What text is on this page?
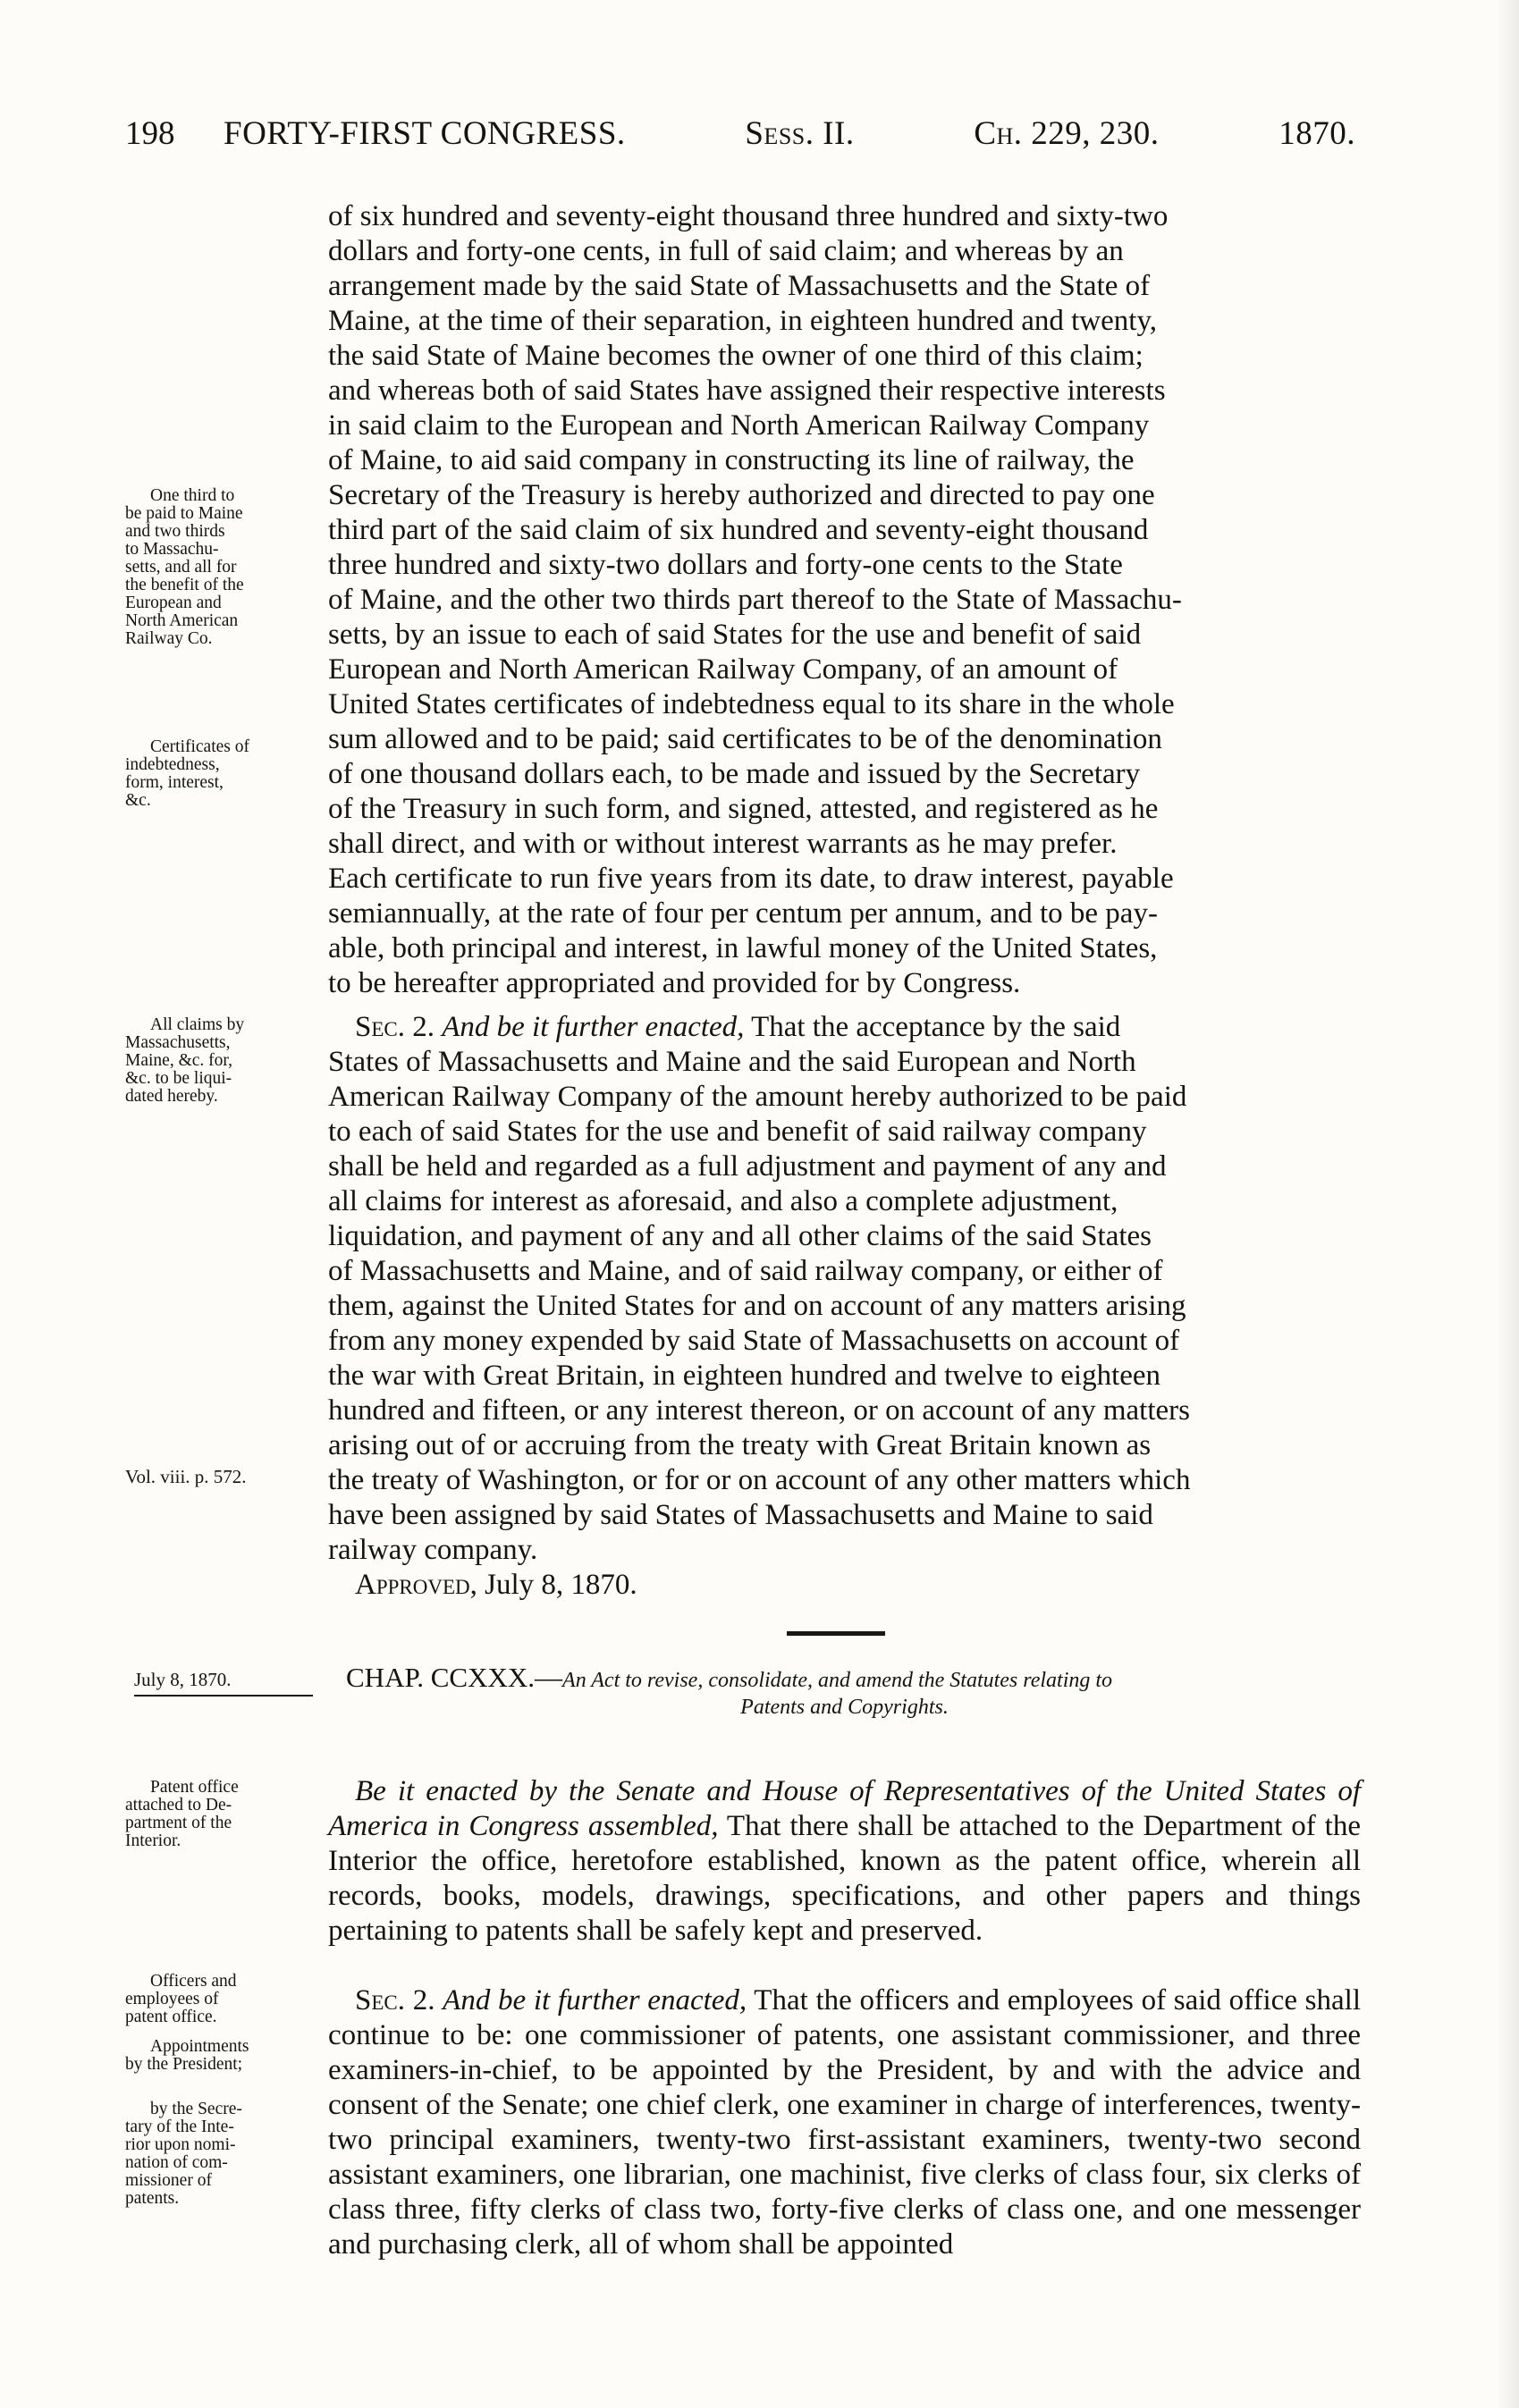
198 FORTY-FIRST CONGRESS.	Sess. II.	Ch. 229, 230.	1870.

of six hundred and seventy-eight thousand three hundred and sixty-two

dollars and forty-one cents, in full of said claim; and whereas by an

arrangement made by the said State of Massachusetts and the State of

Maine, at the time of their separation, in eighteen hundred and twenty,

the said State of Maine becomes the owner of one third of this claim;

and whereas both of said States have assigned their respective interests

in said claim to the European and North American Railway Company

of Maine, to aid said company in constructing its line of railway, the

Secretary of the Treasury is hereby authorized and directed to pay one

third part of the said claim of six hundred and seventy-eight thousand

three hundred and sixty-two dollars and forty-one cents to the State

of Maine, and the other two thirds part thereof to the State of Massachu-

setts, by an issue to each of said States for the use and benefit of said

European and North American Railway Company, of an amount of

United States certificates of indebtedness equal to its share in the whole

sum allowed and to be paid; said certificates to be of the denomination

of one thousand dollars each, to be made and issued by the Secretary

of the Treasury in such form, and signed, attested, and registered as he

shall direct, and with or without interest warrants as he may prefer.

Each certificate to run five years from its date, to draw interest, payable

semiannually, at the rate of four per centum per annum, and to be pay-

able, both principal and interest, in lawful money of the United States,

to be hereafter appropriated and provided for by Congress.

Sec. 2. And be it further enacted, That the acceptance by the said

States of Massachusetts and Maine and the said European and North

American Railway Company of the amount hereby authorized to be paid

to each of said States for the use and benefit of said railway company

shall be held and regarded as a full adjustment and payment of any and

all claims for interest as aforesaid, and also a complete adjustment,

liquidation, and payment of any and all other claims of the said States

of Massachusetts and Maine, and of said railway company, or either of

them, against the United States for and on account of any matters arising

from any money expended by said State of Massachusetts on account of

the war with Great Britain, in eighteen hundred and twelve to eighteen

hundred and fifteen, or any interest thereon, or on account of any matters

arising out of or accruing from the treaty with Great Britain known as

the treaty of Washington, or for or on account of any other matters which

have been assigned by said States of Massachusetts and Maine to said

railway company.

Approved, July 8, 1870.
July 8, 1870.	CHAP. CCXXX.—An Act to revise, consolidate, and amend the Statutes relating to
Patents and Copyrights.

Be it enacted by the Senate and House of Representatives of the United States of America in Congress assembled, That there shall be attached to the Department of the Interior the office, heretofore established, known as the patent office, wherein all records, books, models, drawings, specifications, and other papers and things pertaining to patents shall be safely kept and preserved.

Sec. 2. And be it further enacted, That the officers and employees of said office shall continue to be: one commissioner of patents, one assistant commissioner, and three examiners-in-chief, to be appointed by the President, by and with the advice and consent of the Senate; one chief clerk, one examiner in charge of interferences, twenty-two principal examiners, twenty-two first-assistant examiners, twenty-two second assistant examiners, one librarian, one machinist, five clerks of class four, six clerks of class three, fifty clerks of class two, forty-five clerks of class one, and one messenger and purchasing clerk, all of whom shall be appointed

One third to
be paid to Maine
and two thirds
to Massachu-
setts, and all for
the benefit of the
European and
North American
Railway Co.
Certificates of
indebtedness,
form, interest,
&c.
All claims by
Massachusetts,
Maine, &c. for,
&c. to be liqui-
dated hereby.
Vol. viii. p. 572.
Patent office
attached to De-
partment of the
Interior.
Officers and
employees of
patent office.
Appointments
by the President;
by the Secre-
tary of the Inte-
rior upon nomi-
nation of com-
missioner of
patents.
